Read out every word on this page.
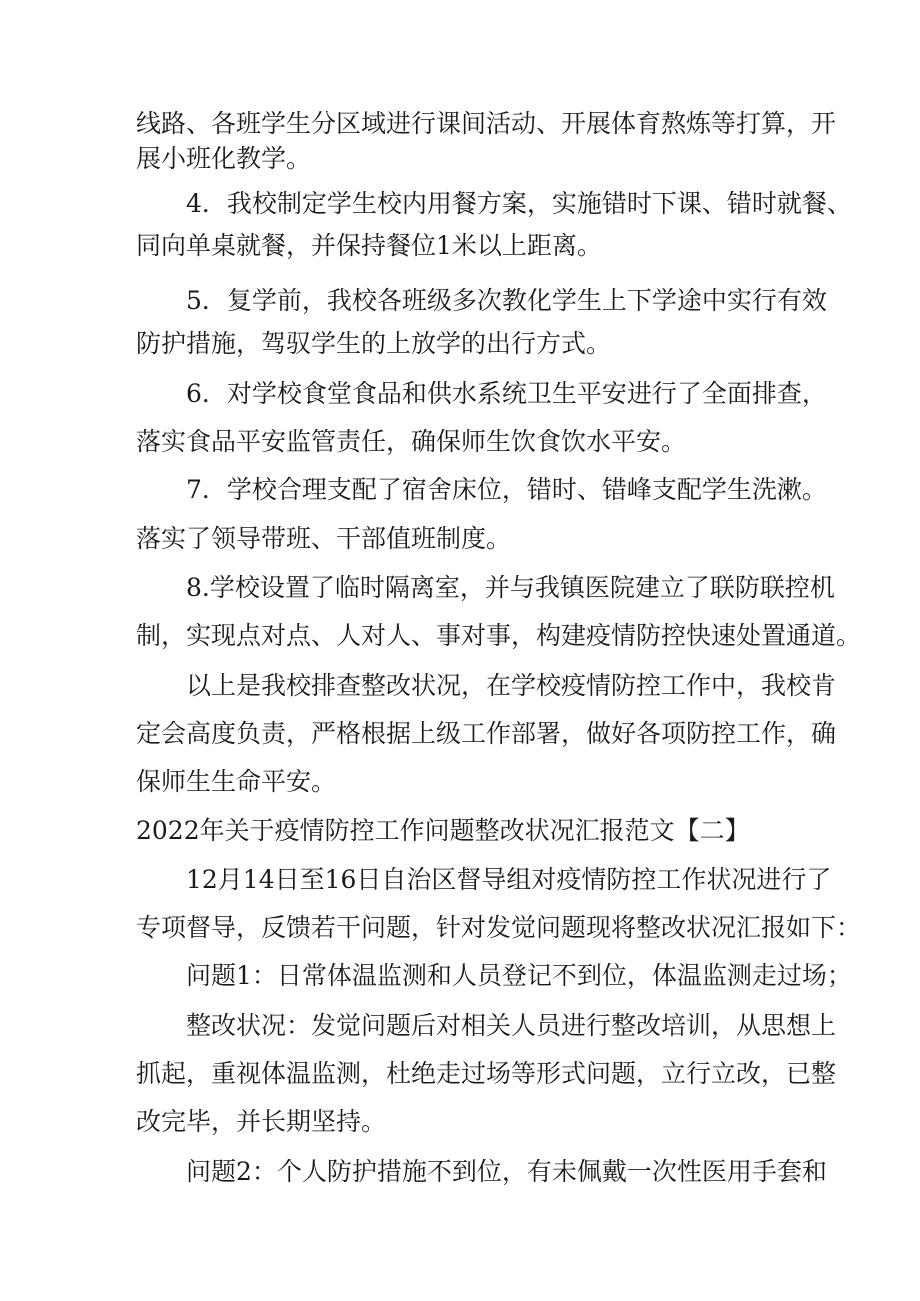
线路、各班学生分区域进行课间活动、开展体育熬炼等打算，开
展小班化教学。
4．我校制定学生校内用餐方案，实施错时下课、错时就餐、
同向单桌就餐，并保持餐位1米以上距离。
5．复学前，我校各班级多次教化学生上下学途中实行有效
防护措施，驾驭学生的上放学的出行方式。
6．对学校食堂食品和供水系统卫生平安进行了全面排查，
落实食品平安监管责任，确保师生饮食饮水平安。
7．学校合理支配了宿舍床位，错时、错峰支配学生洗漱。
落实了领导带班、干部值班制度。
8.学校设置了临时隔离室，并与我镇医院建立了联防联控机
制，实现点对点、人对人、事对事，构建疫情防控快速处置通道。
以上是我校排查整改状况，在学校疫情防控工作中，我校肯
定会高度负责，严格根据上级工作部署，做好各项防控工作，确
保师生生命平安。
2022年关于疫情防控工作问题整改状况汇报范文【二】
12月14日至16日自治区督导组对疫情防控工作状况进行了
专项督导，反馈若干问题，针对发觉问题现将整改状况汇报如下：
问题1：日常体温监测和人员登记不到位，体温监测走过场；
整改状况：发觉问题后对相关人员进行整改培训，从思想上
抓起，重视体温监测，杜绝走过场等形式问题，立行立改，已整
改完毕，并长期坚持。
问题2：个人防护措施不到位，有未佩戴一次性医用手套和
